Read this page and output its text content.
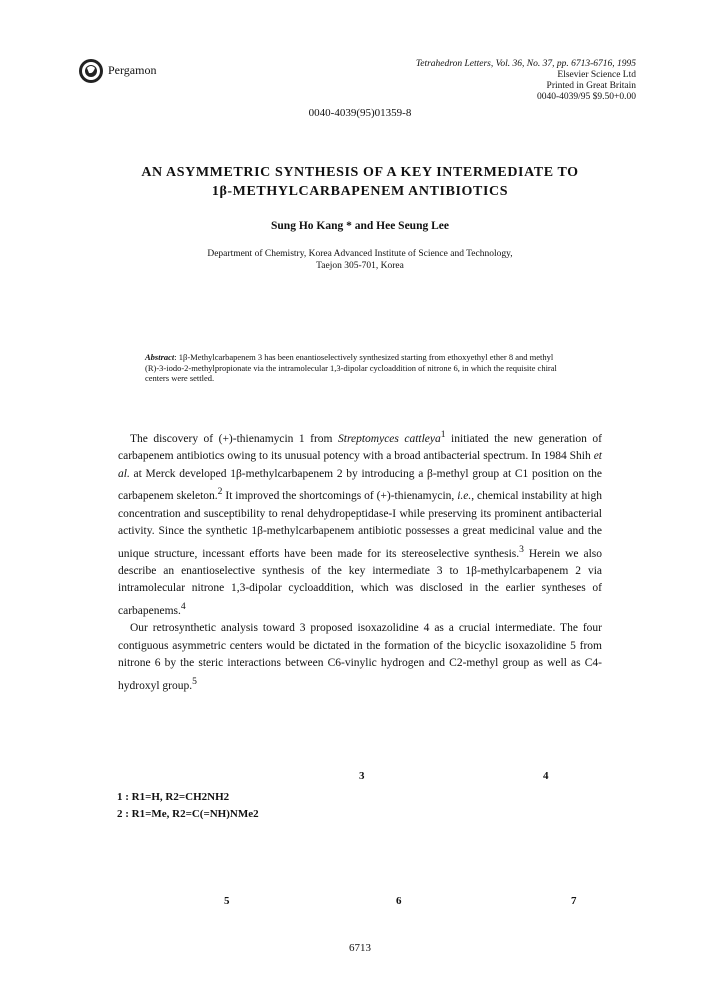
Pergamon	Tetrahedron Letters, Vol. 36, No. 37, pp. 6713-6716, 1995
Elsevier Science Ltd
Printed in Great Britain
0040-4039/95 $9.50+0.00
0040-4039(95)01359-8
AN ASYMMETRIC SYNTHESIS OF A KEY INTERMEDIATE TO
1β-METHYLCARBAPENEM ANTIBIOTICS
Sung Ho Kang * and Hee Seung Lee
Department of Chemistry, Korea Advanced Institute of Science and Technology,
Taejon 305-701, Korea
Abstract: 1β-Methylcarbapenem 3 has been enantioselectively synthesized starting from ethoxyethyl ether 8 and methyl (R)-3-iodo-2-methylpropionate via the intramolecular 1,3-dipolar cycloaddition of nitrone 6, in which the requisite chiral centers were settled.

The discovery of (+)-thienamycin 1 from Streptomyces cattleya$^1$ initiated the new generation of carbapenem antibiotics owing to its unusual potency with a broad antibacterial spectrum. In 1984 Shih et al. at Merck developed 1β-methylcarbapenem 2 by introducing a β-methyl group at C1 position on the carbapenem skeleton.$^2$ It improved the shortcomings of (+)-thienamycin, i.e., chemical instability at high concentration and susceptibility to renal dehydropeptidase-I while preserving its prominent antibacterial activity. Since the synthetic 1β-methylcarbapenem antibiotic possesses a great medicinal value and the unique structure, incessant efforts have been made for its stereoselective synthesis.$^3$ Herein we also describe an enantioselective synthesis of the key intermediate 3 to 1β-methylcarbapenem 2 via intramolecular nitrone 1,3-dipolar cycloaddition, which was disclosed in the earlier syntheses of carbapenems.$^4$

Our retrosynthetic analysis toward 3 proposed isoxazolidine 4 as a crucial intermediate. The four contiguous asymmetric centers would be dictated in the formation of the bicyclic isoxazolidine 5 from nitrone 6 by the steric interactions between C6-vinylic hydrogen and C2-methyl group as well as C4-hydroxyl group.$^5$

1 : R1=H, R2=CH2NH2
2 : R1=Me, R2=C(=NH)NMe2
3	4
5	6	7
6713
